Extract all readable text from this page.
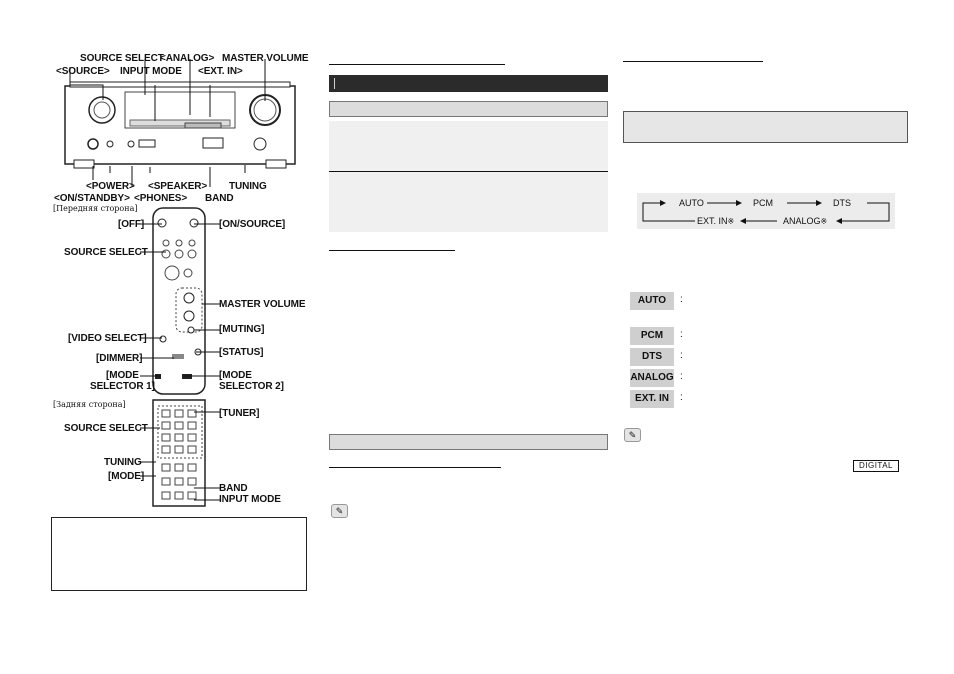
SOURCE SELECT
<ANALOG> MASTER VOLUME
<SOURCE> INPUT MODE <EXT. IN>
<POWER> <SPEAKER> TUNING
<ON/STANDBY> <PHONES> BAND
[Передняя сторона]
[OFF]	[ON/SOURCE]
SOURCE SELECT
MASTER VOLUME
[MUTING]
[VIDEO SELECT]
[STATUS]
[DIMMER]
[MODE
SELECTOR 1]
[MODE
SELECTOR 2]
[Задняя сторона]
[TUNER]
SOURCE SELECT
TUNING
[MODE]
BAND
INPUT MODE
✎
AUTO	PCM	DTS
EXT. IN※	ANALOG※
AUTO	:
PCM	:
DTS	:
ANALOG :
EXT. IN	:
✎
DIGITAL
